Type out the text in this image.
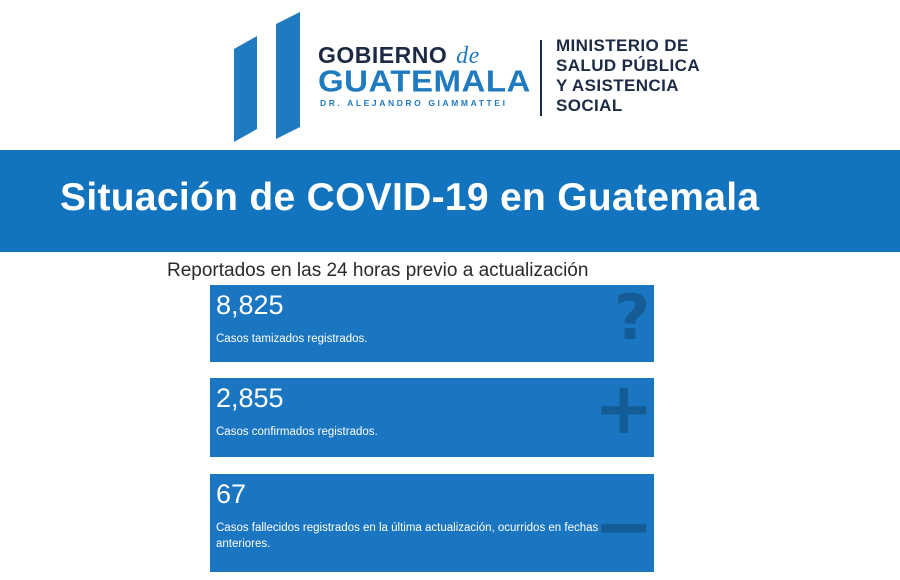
GOBIERNO de
GUATEMALA
DR. ALEJANDRO GIAMMATTEI
MINISTERIO DE
SALUD PÚBLICA
Y ASISTENCIA
SOCIAL
Situación de COVID-19 en Guatemala
Reportados en las 24 horas previo a actualización
?
8,825
Casos tamizados registrados.
+
2,855
Casos confirmados registrados.
−
67
Casos fallecidos registrados en la última actualización, ocurridos en fechas anteriores.
